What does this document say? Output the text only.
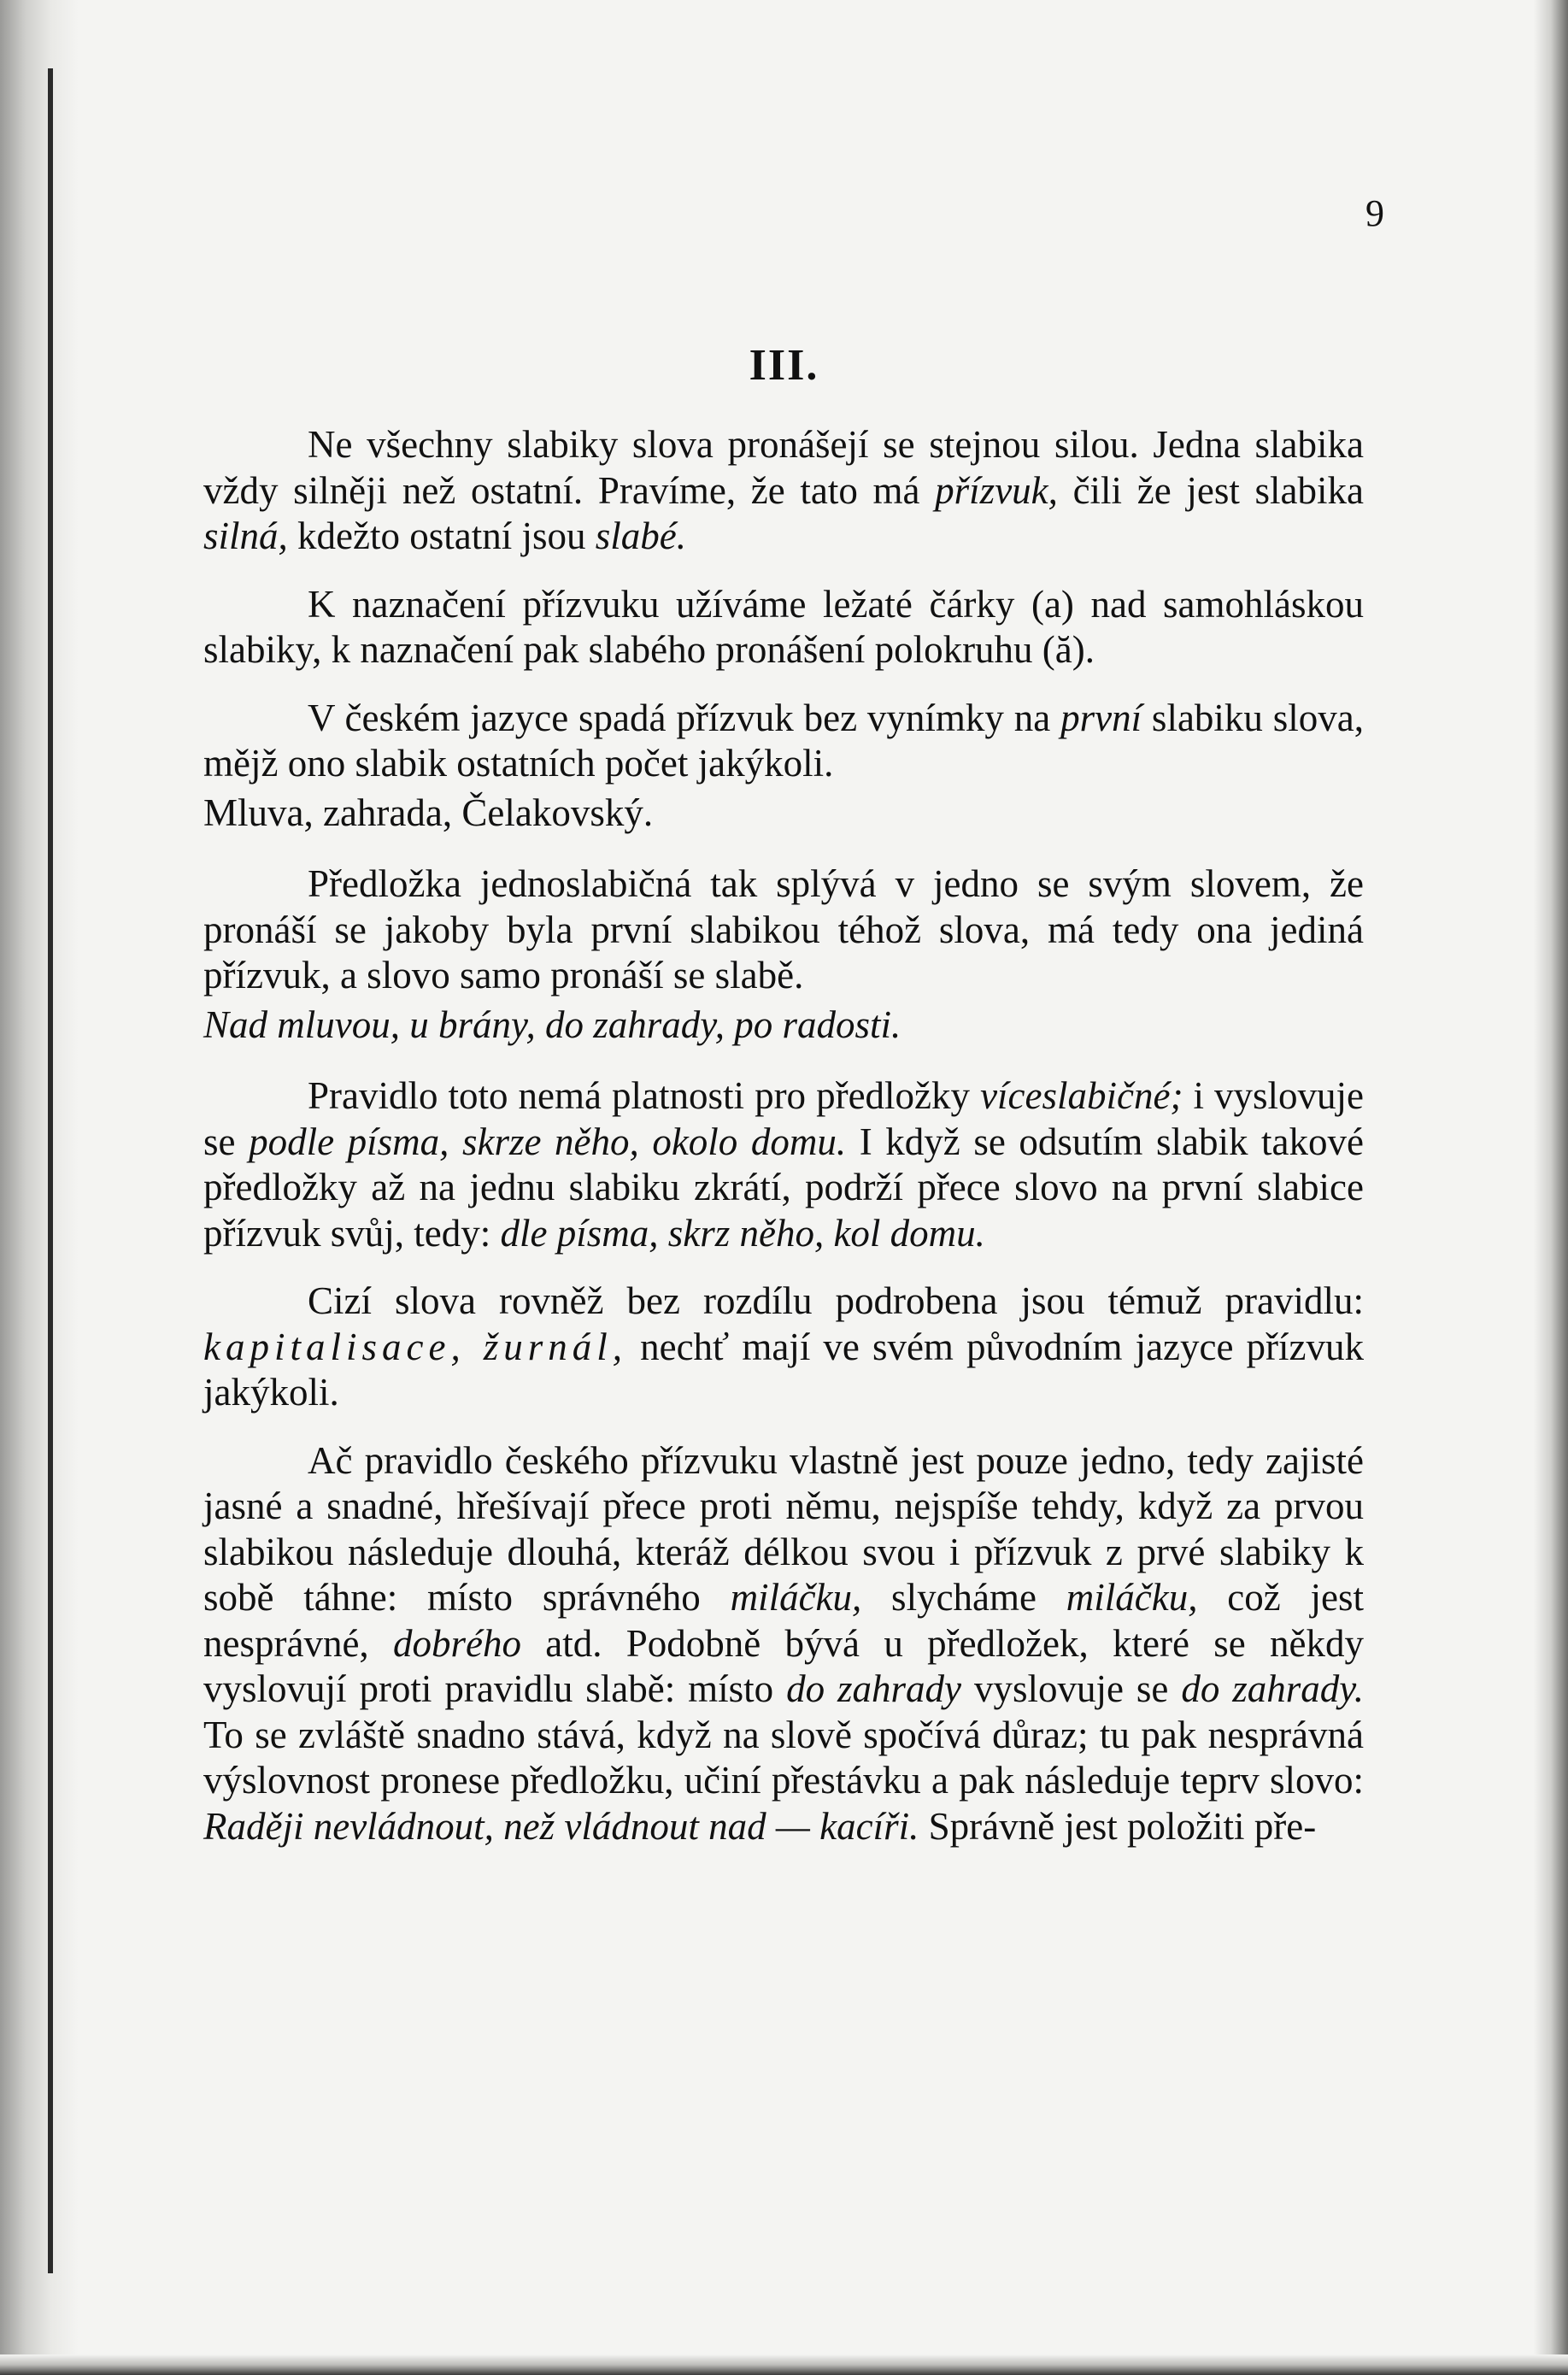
9
III.

Ne všechny slabiky slova pronášejí se stejnou silou. Jedna slabika vždy silněji než ostatní. Pravíme, že tato má přízvuk, čili že jest slabika silná, kdežto ostatní jsou slabé.

K naznačení přízvuku užíváme ležaté čárky (a) nad samohláskou slabiky, k naznačení pak slabého pronášení polokruhu (ă).

V českém jazyce spadá přízvuk bez vynímky na první slabiku slova, mějž ono slabik ostatních počet jakýkoli.

Mluva, zahrada, Čelakovský.

Předložka jednoslabičná tak splývá v jedno se svým slovem, že pronáší se jakoby byla první slabikou téhož slova, má tedy ona jediná přízvuk, a slovo samo pronáší se slabě.

Nad mluvou, u brány, do zahrady, po radosti.

Pravidlo toto nemá platnosti pro předložky víceslabičné; i vyslovuje se podle písma, skrze něho, okolo domu. I když se odsutím slabik takové předložky až na jednu slabiku zkrátí, podrží přece slovo na první slabice přízvuk svůj, tedy: dle písma, skrz něho, kol domu.

Cizí slova rovněž bez rozdílu podrobena jsou témuž pravidlu: kapitalisace, žurnál, nechť mají ve svém původním jazyce přízvuk jakýkoli.

Ač pravidlo českého přízvuku vlastně jest pouze jedno, tedy zajisté jasné a snadné, hřešívají přece proti němu, nejspíše tehdy, když za prvou slabikou následuje dlouhá, kteráž délkou svou i přízvuk z prvé slabiky k sobě táhne: místo správného miláčku, slycháme miláčku, což jest nesprávné, dobrého atd. Podobně bývá u předložek, které se někdy vyslovují proti pravidlu slabě: místo do zahrady vyslovuje se do zahrady. To se zvláště snadno stává, když na slově spočívá důraz; tu pak nesprávná výslovnost pronese předložku, učiní přestávku a pak následuje teprv slovo: Raději nevládnout, než vládnout nad — kacíři. Správně jest položiti pře-
